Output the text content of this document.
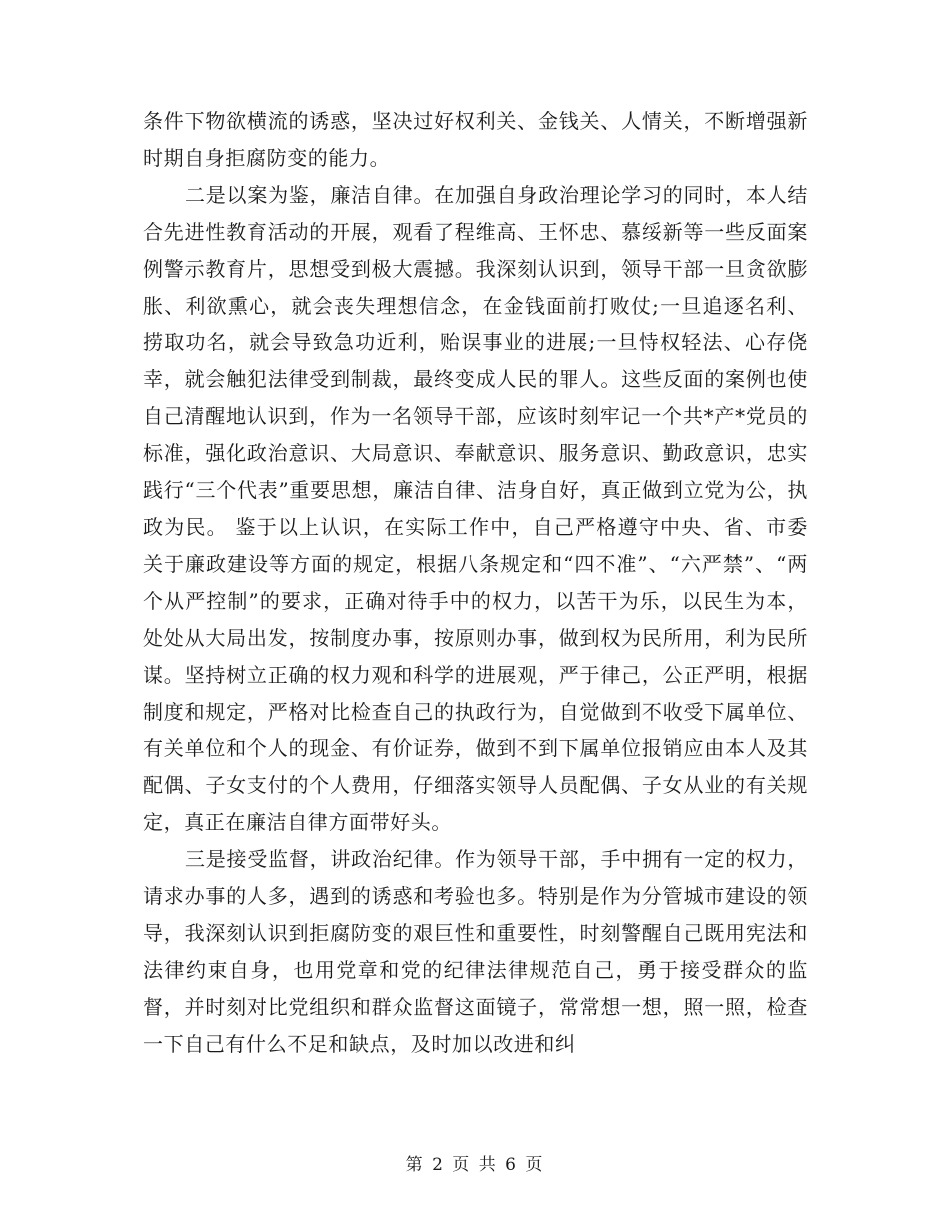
条件下物欲横流的诱惑，坚决过好权利关、金钱关、人情关，不断增强新时期自身拒腐防变的能力。

二是以案为鉴，廉洁自律。在加强自身政治理论学习的同时，本人结合先进性教育活动的开展，观看了程维高、王怀忠、慕绥新等一些反面案例警示教育片，思想受到极大震撼。我深刻认识到，领导干部一旦贪欲膨胀、利欲熏心，就会丧失理想信念，在金钱面前打败仗;一旦追逐名利、捞取功名，就会导致急功近利，贻误事业的进展;一旦恃权轻法、心存侥幸，就会触犯法律受到制裁，最终变成人民的罪人。这些反面的案例也使自己清醒地认识到，作为一名领导干部，应该时刻牢记一个共*产*党员的标准，强化政治意识、大局意识、奉献意识、服务意识、勤政意识，忠实践行“三个代表”重要思想，廉洁自律、洁身自好，真正做到立党为公，执政为民。 鉴于以上认识，在实际工作中，自己严格遵守中央、省、市委关于廉政建设等方面的规定，根据八条规定和“四不准”、“六严禁”、“两个从严控制”的要求，正确对待手中的权力，以苦干为乐，以民生为本，处处从大局出发，按制度办事，按原则办事，做到权为民所用，利为民所谋。坚持树立正确的权力观和科学的进展观，严于律己，公正严明，根据制度和规定，严格对比检查自己的执政行为，自觉做到不收受下属单位、有关单位和个人的现金、有价证券，做到不到下属单位报销应由本人及其配偶、子女支付的个人费用，仔细落实领导人员配偶、子女从业的有关规定，真正在廉洁自律方面带好头。

三是接受监督，讲政治纪律。作为领导干部，手中拥有一定的权力，请求办事的人多，遇到的诱惑和考验也多。特别是作为分管城市建设的领导，我深刻认识到拒腐防变的艰巨性和重要性，时刻警醒自己既用宪法和法律约束自身，也用党章和党的纪律法律规范自己，勇于接受群众的监督，并时刻对比党组织和群众监督这面镜子，常常想一想，照一照，检查一下自己有什么不足和缺点，及时加以改进和纠

第 2 页 共 6 页
